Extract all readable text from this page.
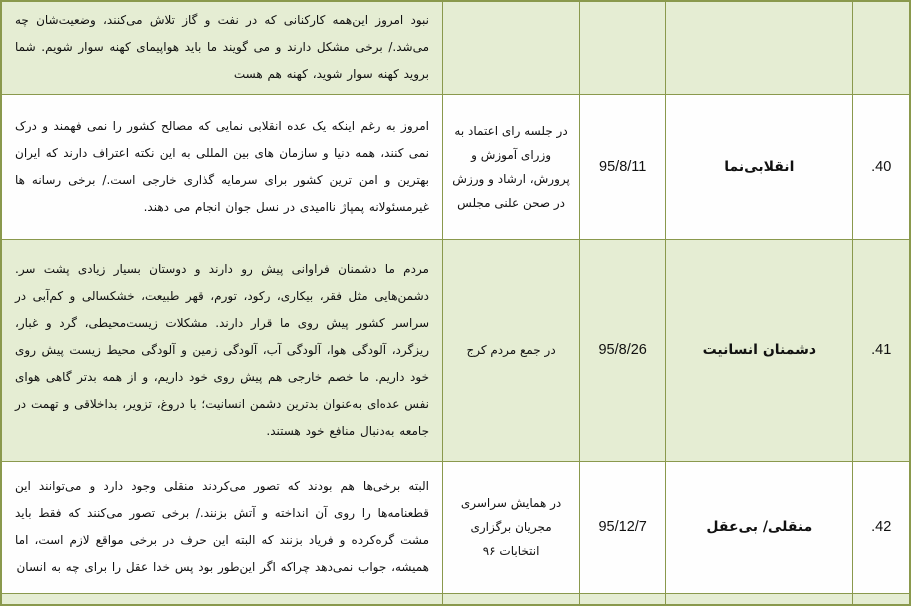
				نبود امروز این‌همه کارکنانی که در نفت و گاز تلاش می‌کنند، وضعیت‌شان چه می‌شد./ برخی مشکل دارند و می گویند ما باید هواپیمای کهنه سوار شویم. شما بروید کهنه سوار شوید، کهنه هم هست
.40	انقلابی‌نما	95/8/11	در جلسه رای اعتماد به وزرای آموزش و پرورش، ارشاد و ورزش در صحن علنی مجلس	امروز به رغم اینکه یک عده انقلابی نمایی که مصالح کشور را نمی فهمند و درک نمی کنند، همه دنیا و سازمان های بین المللی به این نکته اعتراف دارند که ایران بهترین و امن ترین کشور برای سرمایه گذاری خارجی است./ برخی رسانه ها غیرمسئولانه پمپاژ ناامیدی در نسل جوان انجام می دهند.
.41	دشمنان انسانیت	95/8/26	در جمع مردم کرج	مردم ما دشمنان فراوانی پیش رو دارند و دوستان بسیار زیادی پشت سر. دشمن‌هایی مثل فقر، بیکاری، رکود، تورم، قهر طبیعت، خشکسالی و کم‌آبی در سراسر کشور پیش روی ما قرار دارند. مشکلات زیست‌محیطی، گرد و غبار، ریزگرد، آلودگی هوا، آلودگی آب، آلودگی زمین و آلودگی محیط زیست پیش روی خود داریم. ما خصم خارجی هم پیش روی خود داریم، و از همه بدتر گاهی هوای نفس عده‌ای به‌عنوان بدترین دشمن انسانیت؛ با دروغ، تزویر، بداخلاقی و تهمت در جامعه به‌دنبال منافع خود هستند.
.42	منقلی/ بی‌عقل	95/12/7	در همایش سراسری مجریان برگزاری انتخابات ۹۶	البته برخی‌ها هم بودند که تصور می‌کردند منقلی وجود دارد و می‌توانند این قطعنامه‌ها را روی آن انداخته و آتش بزنند./ برخی تصور می‌کنند که فقط باید مشت گره‌کرده و فریاد بزنند که البته این حرف در برخی مواقع لازم است، اما همیشه، جواب نمی‌دهد چراکه اگر این‌طور بود پس خدا عقل را برای چه به انسان
